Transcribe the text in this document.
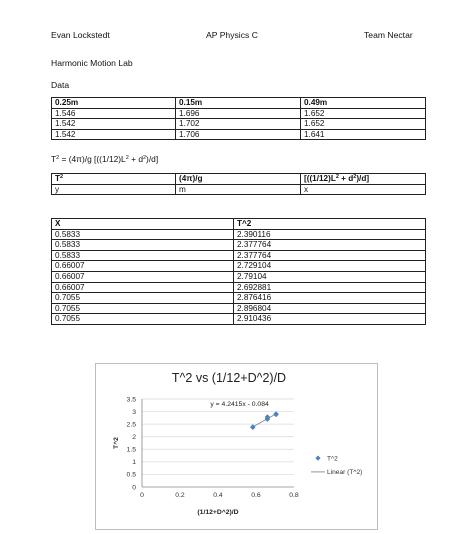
Evan Lockstedt	AP Physics C	Team Nectar
Harmonic Motion Lab
Data
0.25m	0.15m	0.49m
1.546	1.696	1.652
1.542	1.702	1.652
1.542	1.706	1.641
$T^2 = (4\pi)/g$ $[((1/12)L^2 + d^2)/d]$
$T^2$	(4π)/g	$[((1/12)L^2 + d^2)/d]$
y	m	x
X	T^2
0.5833	2.390116
0.5833	2.377764
0.5833	2.377764
0.66007	2.729104
0.66007	2.79104
0.66007	2.692881
0.7055	2.876416
0.7055	2.896804
0.7055	2.910436
T^2 vs (1/12+D^2)/D
0
0.5
1
1.5
2
2.5
3
3.5
0	0.2	0.4	0.6	0.8
y = 4.2415x - 0.084
(1/12+D^2)/D
T^2
T^2
Linear (T^2)
